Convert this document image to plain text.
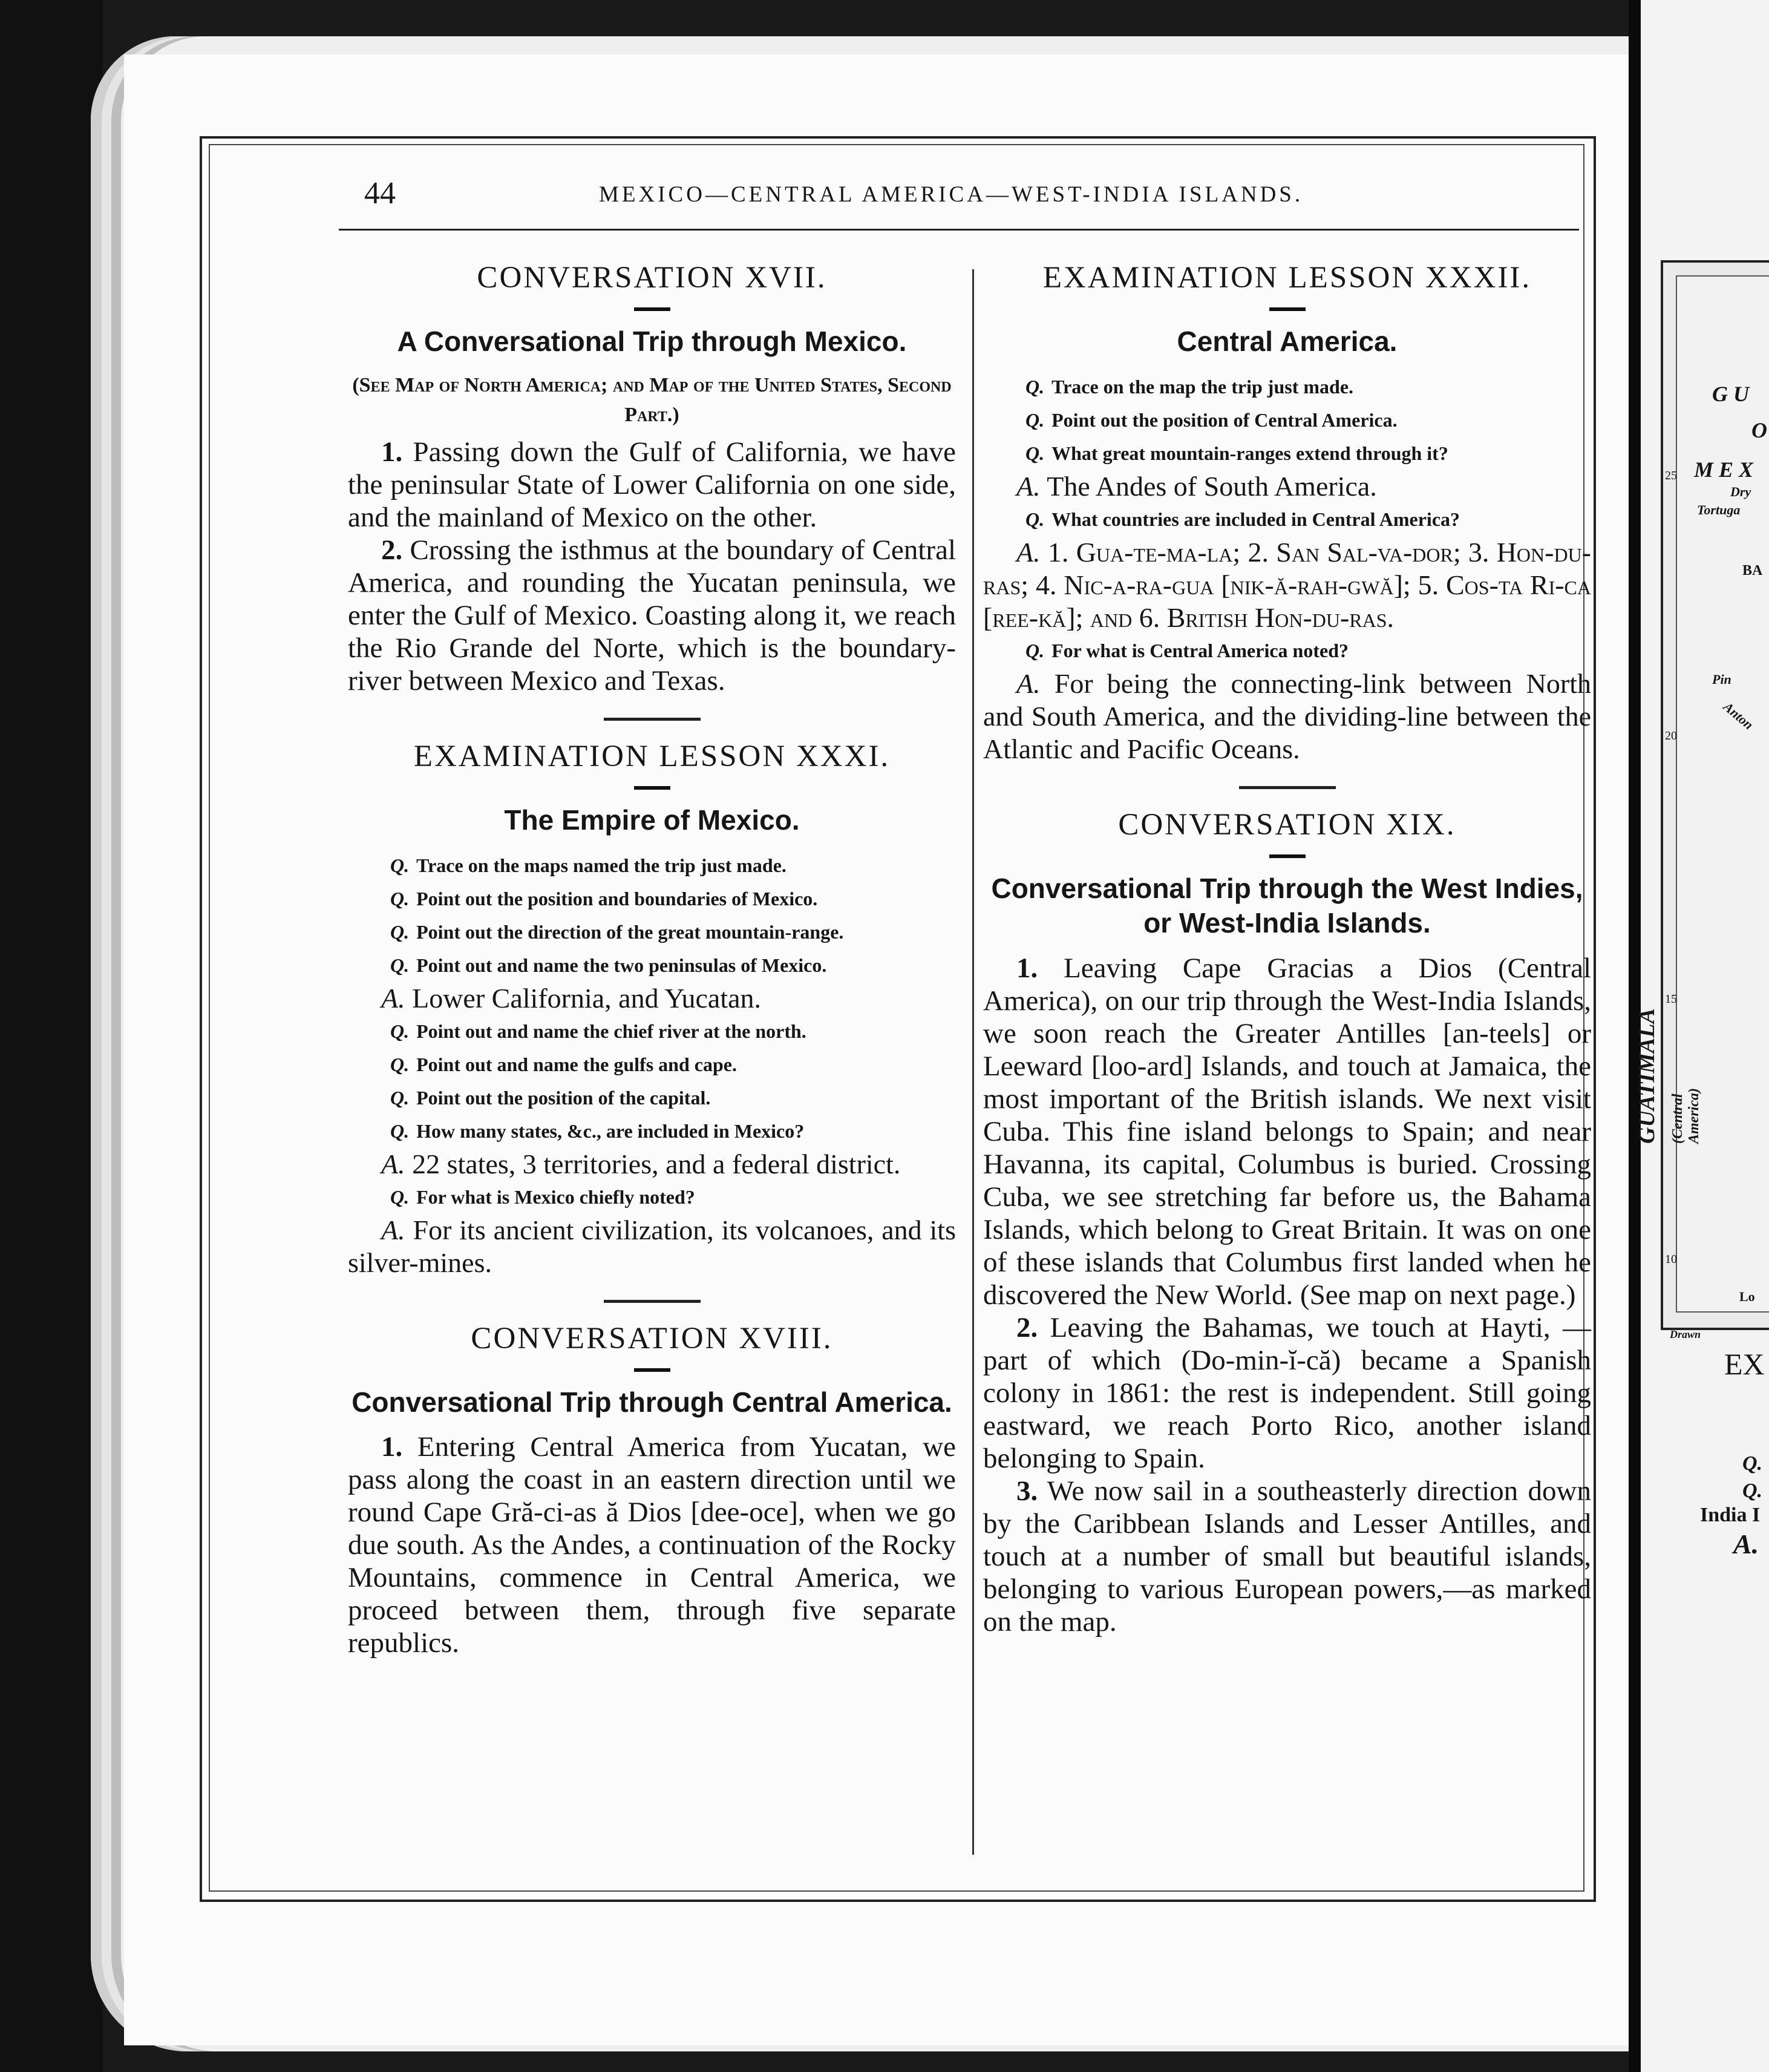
44	MEXICO—CENTRAL AMERICA—WEST-INDIA ISLANDS.
CONVERSATION XVII.

A Conversational Trip through Mexico.

(See Map of North America; and Map of the United States, Second Part.)

1. Passing down the Gulf of California, we have the peninsular State of Lower California on one side, and the mainland of Mexico on the other.

2. Crossing the isthmus at the boundary of Central America, and rounding the Yucatan peninsula, we enter the Gulf of Mexico. Coasting along it, we reach the Rio Grande del Norte, which is the boundary-river between Mexico and Texas.

EXAMINATION LESSON XXXI.

The Empire of Mexico.

Q. Trace on the maps named the trip just made.

Q. Point out the position and boundaries of Mexico.

Q. Point out the direction of the great mountain-range.

Q. Point out and name the two peninsulas of Mexico.

A. Lower California, and Yucatan.

Q. Point out and name the chief river at the north.

Q. Point out and name the gulfs and cape.

Q. Point out the position of the capital.

Q. How many states, &c., are included in Mexico?

A. 22 states, 3 territories, and a federal district.

Q. For what is Mexico chiefly noted?

A. For its ancient civilization, its volcanoes, and its silver-mines.

CONVERSATION XVIII.

Conversational Trip through Central America.

1. Entering Central America from Yucatan, we pass along the coast in an eastern direction until we round Cape Gră-ci-as ă Dios [dee-oce], when we go due south. As the Andes, a continuation of the Rocky Mountains, commence in Central America, we proceed between them, through five separate republics.

EXAMINATION LESSON XXXII.

Central America.

Q. Trace on the map the trip just made.

Q. Point out the position of Central America.

Q. What great mountain-ranges extend through it?

A. The Andes of South America.

Q. What countries are included in Central America?

A. 1. Gua-te-ma-la; 2. San Sal-va-dor; 3. Hon-du-ras; 4. Nic-a-ra-gua [nik-ă-rah-gwă]; 5. Cos-ta Ri-ca [ree-kă]; and 6. British Hon-du-ras.

Q. For what is Central America noted?

A. For being the connecting-link between North and South America, and the dividing-line between the Atlantic and Pacific Oceans.

CONVERSATION XIX.

Conversational Trip through the West Indies, or West-India Islands.

1. Leaving Cape Gracias a Dios (Central America), on our trip through the West-India Islands, we soon reach the Greater Antilles [an-teels] or Leeward [loo-ard] Islands, and touch at Jamaica, the most important of the British islands. We next visit Cuba. This fine island belongs to Spain; and near Havanna, its capital, Columbus is buried. Crossing Cuba, we see stretching far before us, the Bahama Islands, which belong to Great Britain. It was on one of these islands that Columbus first landed when he discovered the New World. (See map on next page.)

2. Leaving the Bahamas, we touch at Hayti, —part of which (Do-min-ĭ-că) became a Spanish colony in 1861: the rest is independent. Still going eastward, we reach Porto Rico, another island belonging to Spain.

3. We now sail in a southeasterly direction down by the Caribbean Islands and Lesser Antilles, and touch at a number of small but beautiful islands, belonging to various European powers,—as marked on the map.

G U
O
M E X
Dry
Tortuga
BA
Pin
Anton
GUATIMALA (Central America)
Lo
Drawn
25
20
15
10
EX
Q.
Q.
India I
A.
